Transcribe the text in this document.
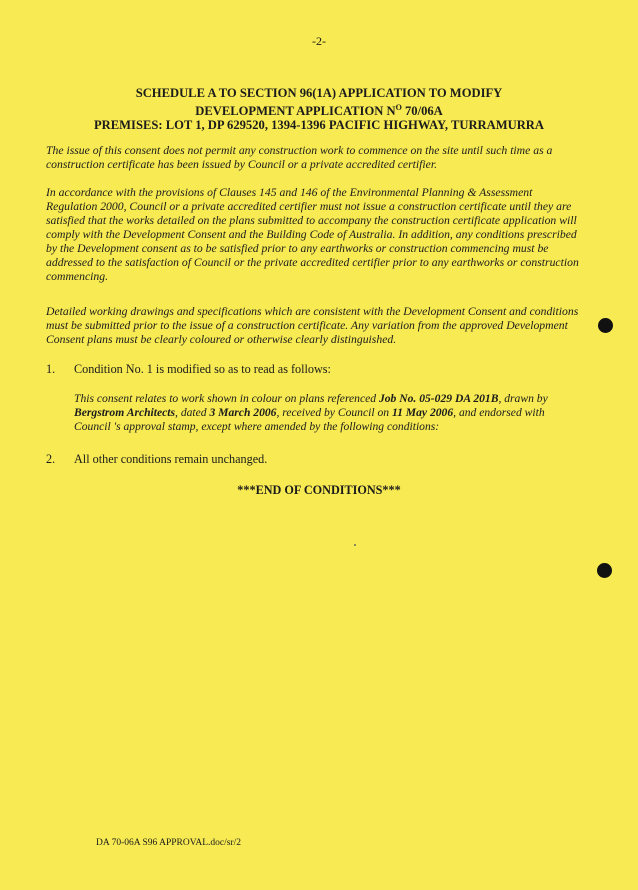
-2-
SCHEDULE A TO SECTION 96(1A) APPLICATION TO MODIFY
DEVELOPMENT APPLICATION $N^O$ 70/06A
PREMISES: LOT 1, DP 629520, 1394-1396 PACIFIC HIGHWAY, TURRAMURRA

The issue of this consent does not permit any construction work to commence on the site until such time as a construction certificate has been issued by Council or a private accredited certifier.

In accordance with the provisions of Clauses 145 and 146 of the Environmental Planning & Assessment Regulation 2000, Council or a private accredited certifier must not issue a construction certificate until they are satisfied that the works detailed on the plans submitted to accompany the construction certificate application will comply with the Development Consent and the Building Code of Australia. In addition, any conditions prescribed by the Development consent as to be satisfied prior to any earthworks or construction commencing must be addressed to the satisfaction of Council or the private accredited certifier prior to any earthworks or construction commencing.

Detailed working drawings and specifications which are consistent with the Development Consent and conditions must be submitted prior to the issue of a construction certificate. Any variation from the approved Development Consent plans must be clearly coloured or otherwise clearly distinguished.

1. Condition No. 1 is modified so as to read as follows:
This consent relates to work shown in colour on plans referenced Job No. 05-029 DA 201B, drawn by Bergstrom Architects, dated 3 March 2006, received by Council on 11 May 2006, and endorsed with Council 's approval stamp, except where amended by the following conditions:
2. All other conditions remain unchanged.
***END OF CONDITIONS***
DA 70-06A S96 APPROVAL.doc/sr/2
